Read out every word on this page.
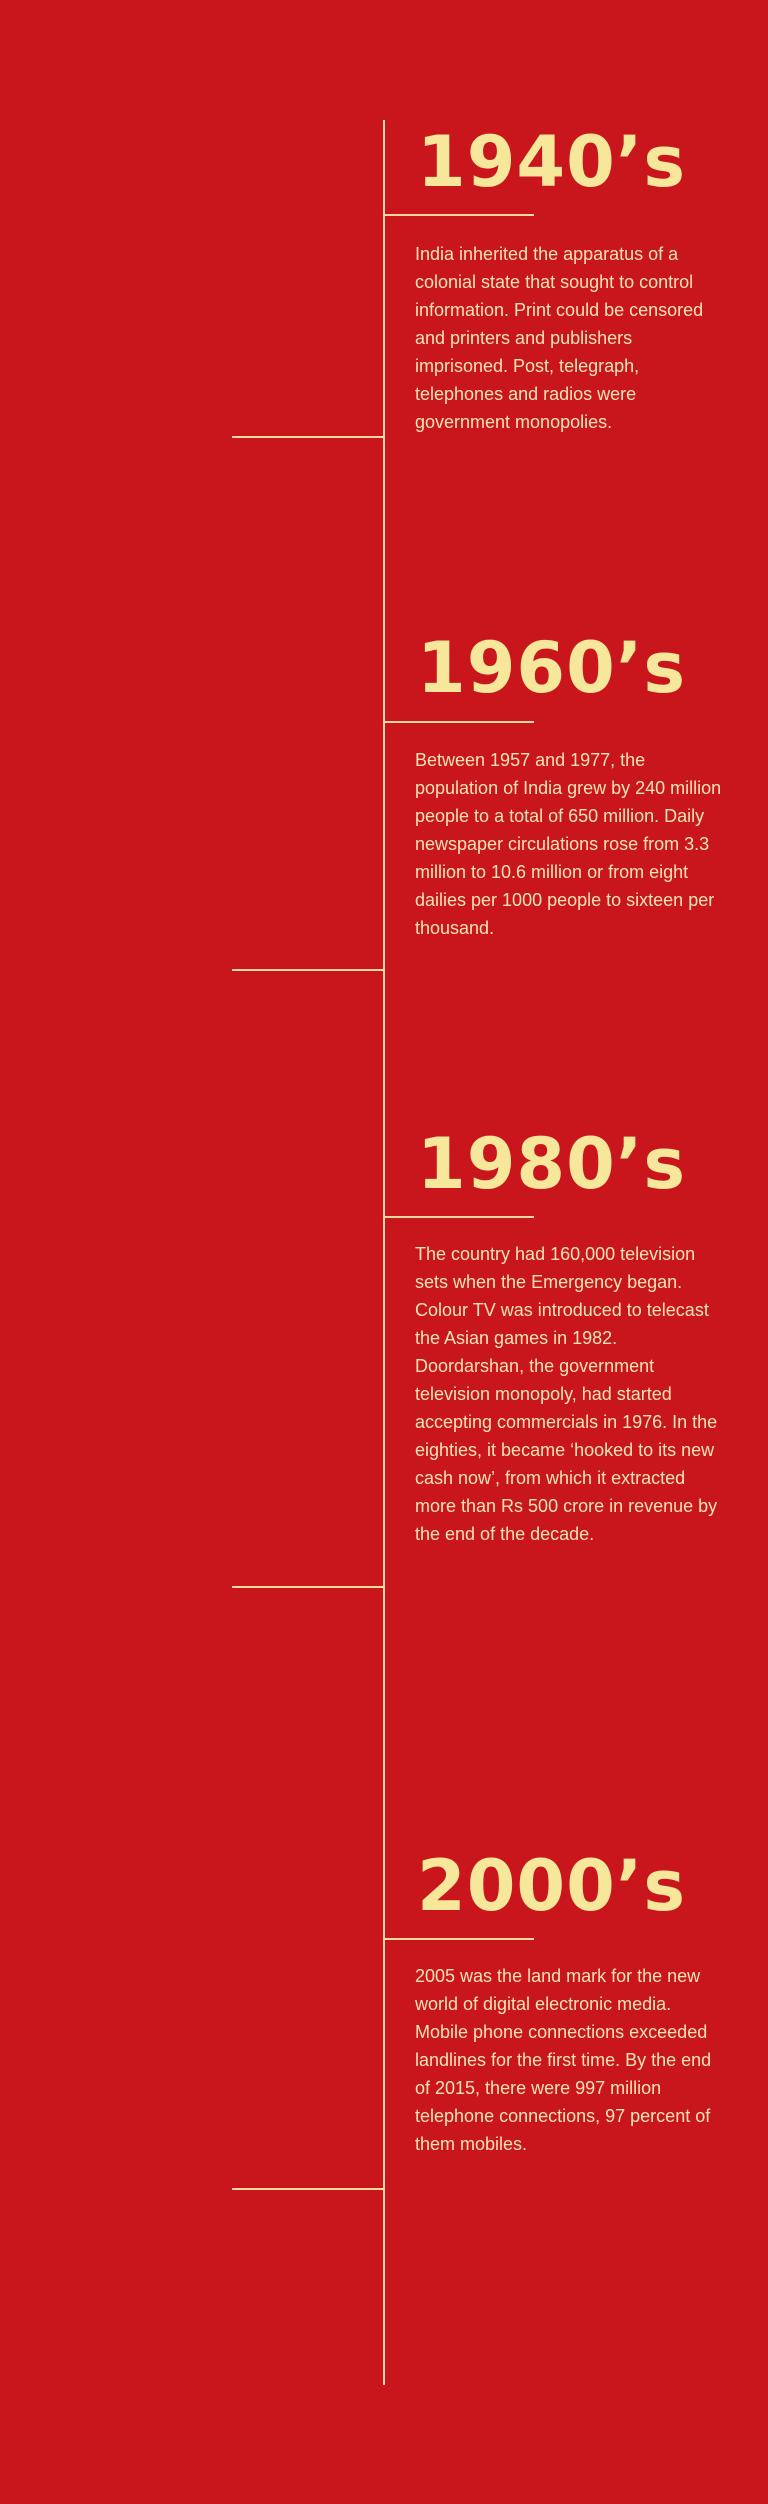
1940’s

India inherited the apparatus of a colonial state that sought to control information. Print could be censored and printers and publishers imprisoned. Post, telegraph, telephones and radios were government monopolies.

1960’s

Between 1957 and 1977, the population of India grew by 240 million people to a total of 650 million. Daily newspaper circulations rose from 3.3 million to 10.6 million or from eight dailies per 1000 people to sixteen per thousand.

1980’s

The country had 160,000 television sets when the Emergency began. Colour TV was introduced to telecast the Asian games in 1982. Doordarshan, the government television monopoly, had started accepting commercials in 1976. In the eighties, it became ‘hooked to its new cash now’, from which it extracted more than Rs 500 crore in revenue by the end of the decade.

2000’s

2005 was the land mark for the new world of digital electronic media. Mobile phone connections exceeded landlines for the first time. By the end of 2015, there were 997 million telephone connections, 97 percent of them mobiles.
